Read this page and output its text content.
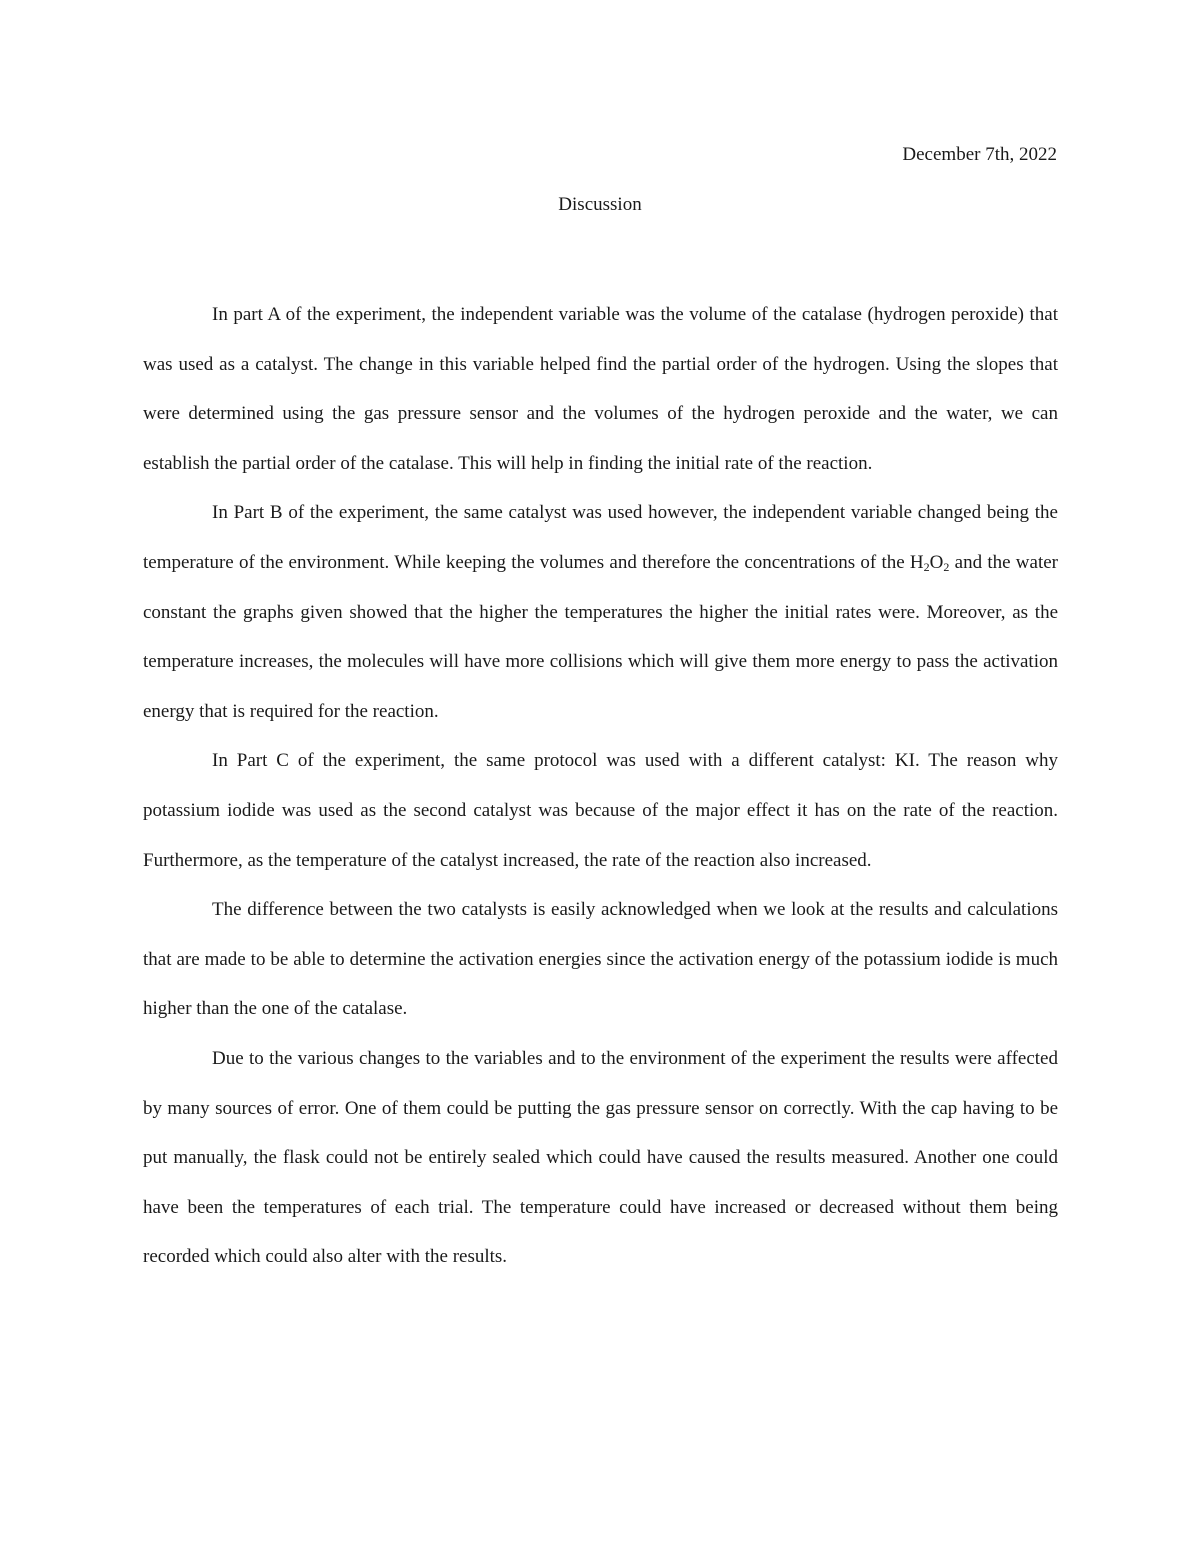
December 7th, 2022
Discussion

In part A of the experiment, the independent variable was the volume of the catalase (hydrogen peroxide) that was used as a catalyst. The change in this variable helped find the partial order of the hydrogen. Using the slopes that were determined using the gas pressure sensor and the volumes of the hydrogen peroxide and the water, we can establish the partial order of the catalase. This will help in finding the initial rate of the reaction.

In Part B of the experiment, the same catalyst was used however, the independent variable changed being the temperature of the environment. While keeping the volumes and therefore the concentrations of the $H_2O_2$ and the water constant the graphs given showed that the higher the temperatures the higher the initial rates were. Moreover, as the temperature increases, the molecules will have more collisions which will give them more energy to pass the activation energy that is required for the reaction.

In Part C of the experiment, the same protocol was used with a different catalyst: KI. The reason why potassium iodide was used as the second catalyst was because of the major effect it has on the rate of the reaction. Furthermore, as the temperature of the catalyst increased, the rate of the reaction also increased.

The difference between the two catalysts is easily acknowledged when we look at the results and calculations that are made to be able to determine the activation energies since the activation energy of the potassium iodide is much higher than the one of the catalase.

Due to the various changes to the variables and to the environment of the experiment the results were affected by many sources of error. One of them could be putting the gas pressure sensor on correctly. With the cap having to be put manually, the flask could not be entirely sealed which could have caused the results measured. Another one could have been the temperatures of each trial. The temperature could have increased or decreased without them being recorded which could also alter with the results.
